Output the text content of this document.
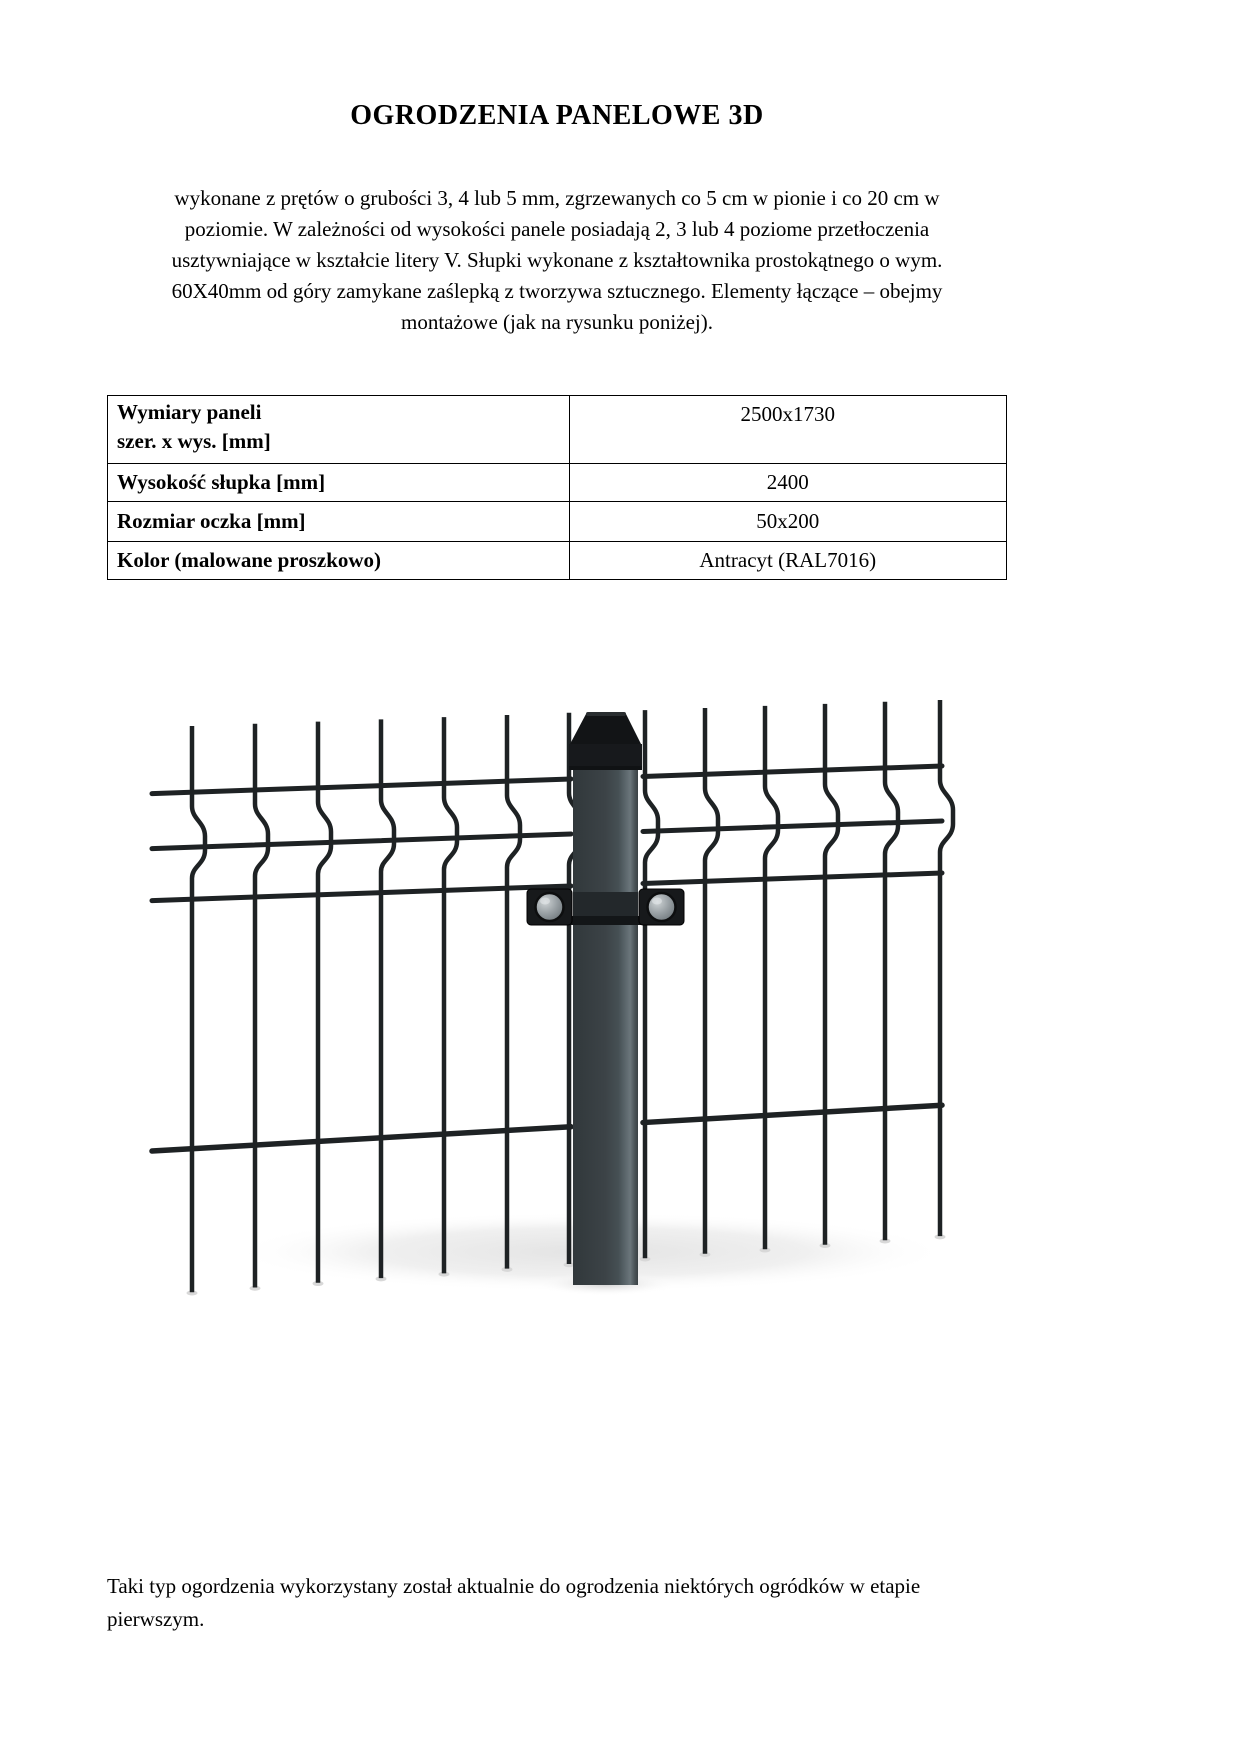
OGRODZENIA PANELOWE 3D
wykonane z prętów o grubości 3, 4 lub 5 mm, zgrzewanych co 5 cm w pionie i co 20 cm w
poziomie. W zależności od wysokości panele posiadają 2, 3 lub 4 poziome przetłoczenia
usztywniające w kształcie litery V. Słupki wykonane z kształtownika prostokątnego o wym.
60X40mm od góry zamykane zaślepką z tworzywa sztucznego. Elementy łączące – obejmy
montażowe (jak na rysunku poniżej).
Wymiary paneli
szer. x wys. [mm]	2500x1730
Wysokość słupka [mm]	2400
Rozmiar oczka [mm]	50x200
Kolor (malowane proszkowo)	Antracyt (RAL7016)
Taki typ ogordzenia wykorzystany został aktualnie do ogrodzenia niektórych ogródków w etapie
pierwszym.
